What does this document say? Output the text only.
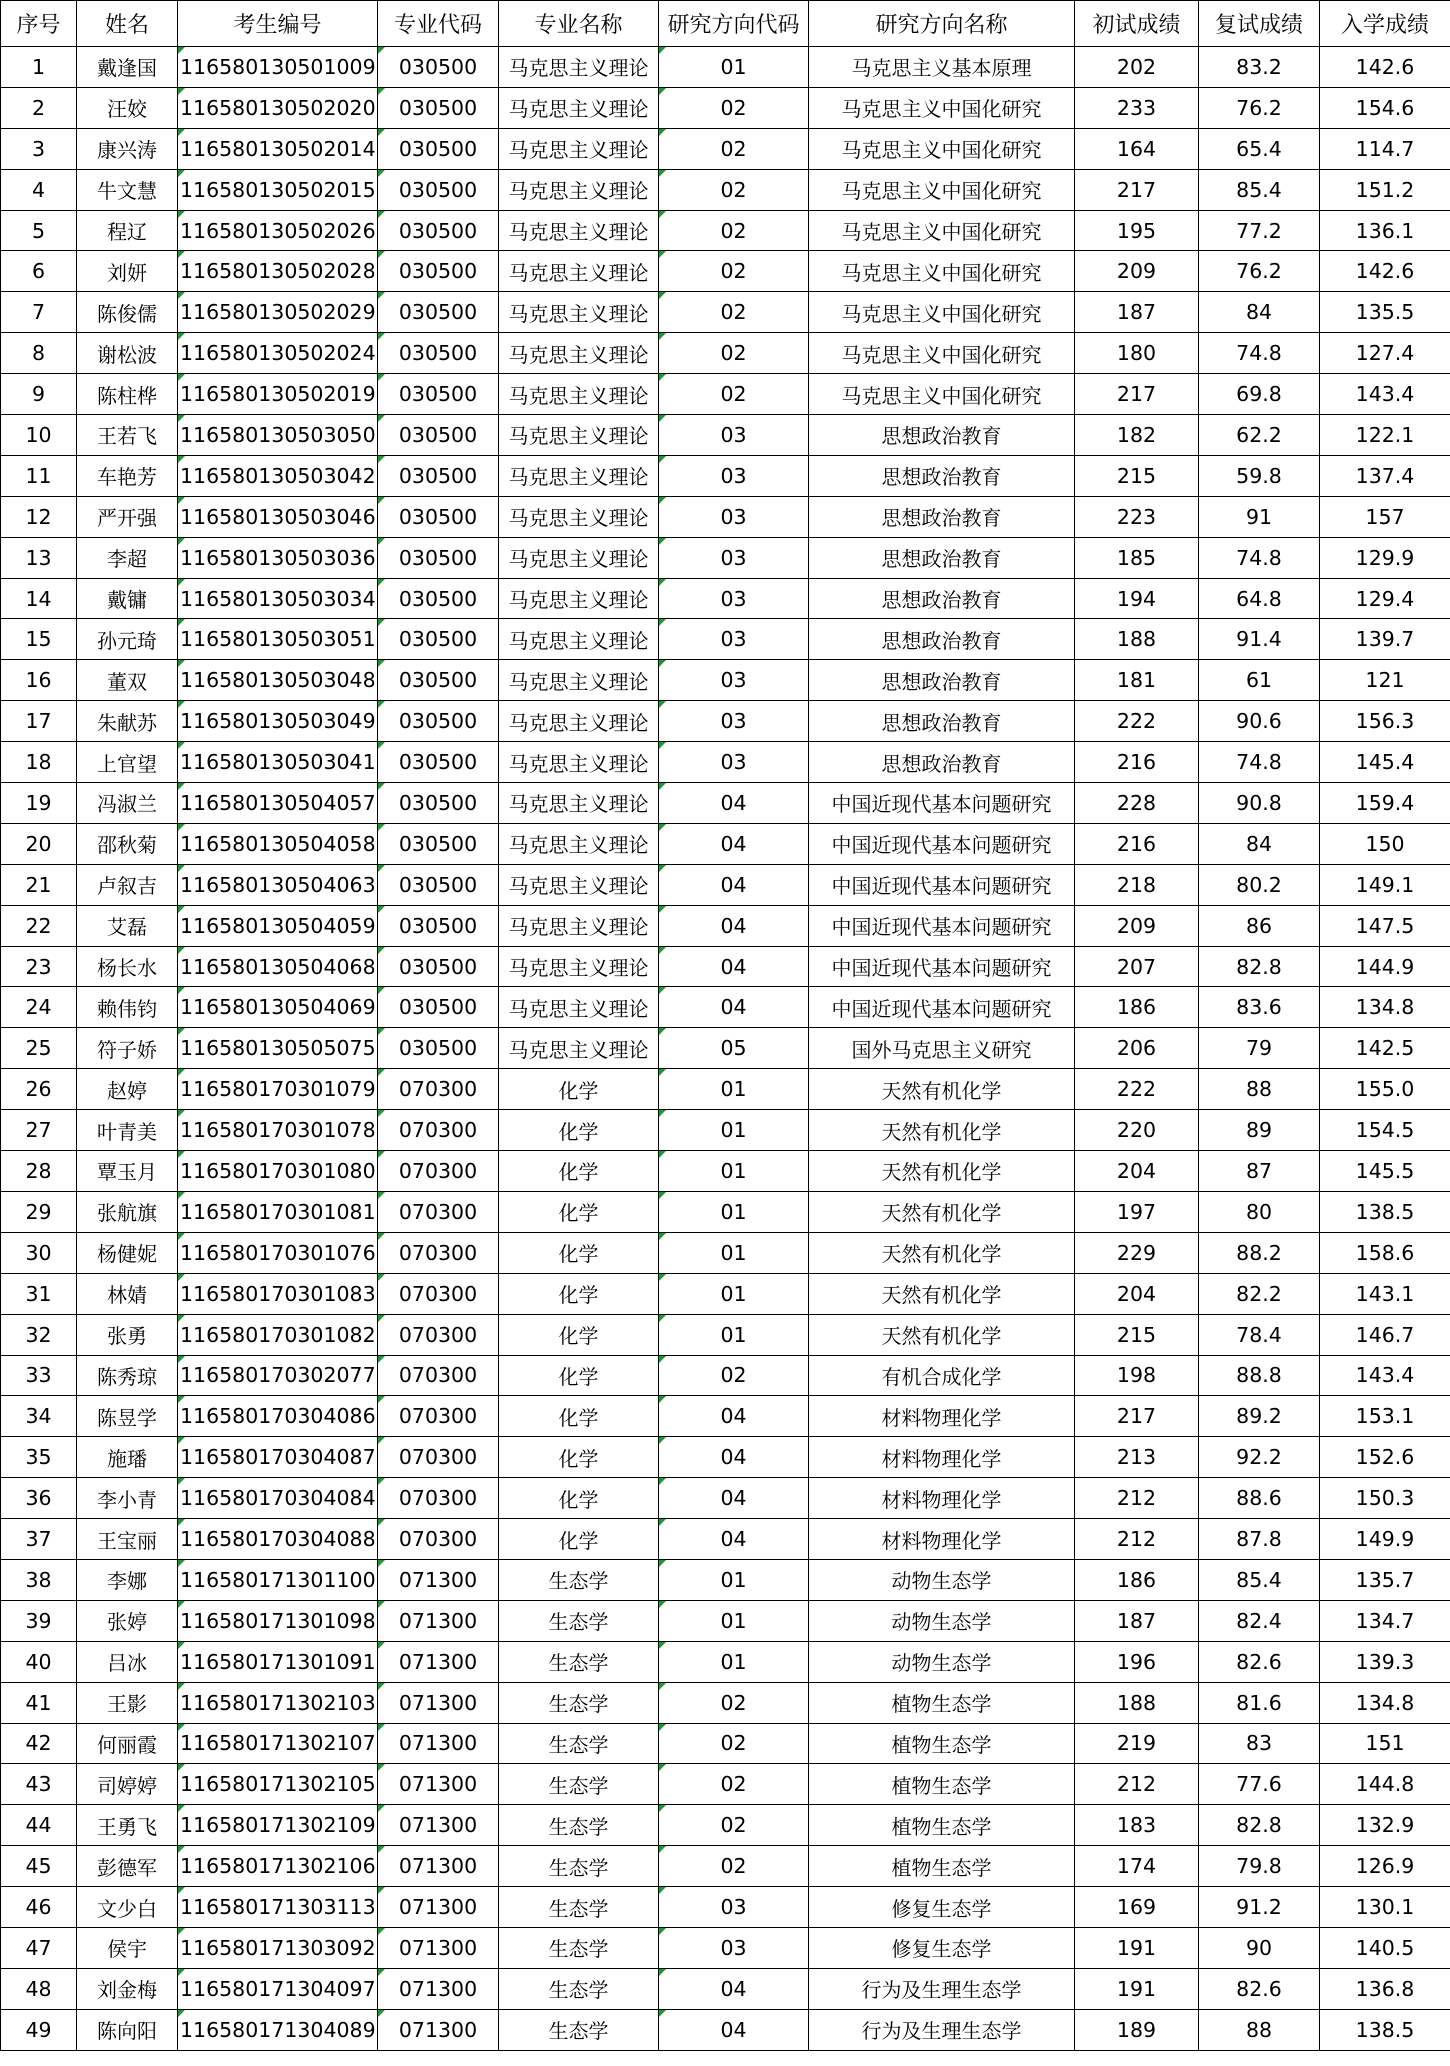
序号	姓名	考生编号	专业代码	专业名称	研究方向代码	研究方向名称	初试成绩	复试成绩	入学成绩
1	戴逢国	116580130501009	030500	马克思主义理论	01	马克思主义基本原理	202	83.2	142.6
2	汪姣	116580130502020	030500	马克思主义理论	02	马克思主义中国化研究	233	76.2	154.6
3	康兴涛	116580130502014	030500	马克思主义理论	02	马克思主义中国化研究	164	65.4	114.7
4	牛文慧	116580130502015	030500	马克思主义理论	02	马克思主义中国化研究	217	85.4	151.2
5	程辽	116580130502026	030500	马克思主义理论	02	马克思主义中国化研究	195	77.2	136.1
6	刘妍	116580130502028	030500	马克思主义理论	02	马克思主义中国化研究	209	76.2	142.6
7	陈俊儒	116580130502029	030500	马克思主义理论	02	马克思主义中国化研究	187	84	135.5
8	谢松波	116580130502024	030500	马克思主义理论	02	马克思主义中国化研究	180	74.8	127.4
9	陈柱桦	116580130502019	030500	马克思主义理论	02	马克思主义中国化研究	217	69.8	143.4
10	王若飞	116580130503050	030500	马克思主义理论	03	思想政治教育	182	62.2	122.1
11	车艳芳	116580130503042	030500	马克思主义理论	03	思想政治教育	215	59.8	137.4
12	严开强	116580130503046	030500	马克思主义理论	03	思想政治教育	223	91	157
13	李超	116580130503036	030500	马克思主义理论	03	思想政治教育	185	74.8	129.9
14	戴镛	116580130503034	030500	马克思主义理论	03	思想政治教育	194	64.8	129.4
15	孙元琦	116580130503051	030500	马克思主义理论	03	思想政治教育	188	91.4	139.7
16	董双	116580130503048	030500	马克思主义理论	03	思想政治教育	181	61	121
17	朱献苏	116580130503049	030500	马克思主义理论	03	思想政治教育	222	90.6	156.3
18	上官望	116580130503041	030500	马克思主义理论	03	思想政治教育	216	74.8	145.4
19	冯淑兰	116580130504057	030500	马克思主义理论	04	中国近现代基本问题研究	228	90.8	159.4
20	邵秋菊	116580130504058	030500	马克思主义理论	04	中国近现代基本问题研究	216	84	150
21	卢叙吉	116580130504063	030500	马克思主义理论	04	中国近现代基本问题研究	218	80.2	149.1
22	艾磊	116580130504059	030500	马克思主义理论	04	中国近现代基本问题研究	209	86	147.5
23	杨长水	116580130504068	030500	马克思主义理论	04	中国近现代基本问题研究	207	82.8	144.9
24	赖伟钧	116580130504069	030500	马克思主义理论	04	中国近现代基本问题研究	186	83.6	134.8
25	符子娇	116580130505075	030500	马克思主义理论	05	国外马克思主义研究	206	79	142.5
26	赵婷	116580170301079	070300	化学	01	天然有机化学	222	88	155.0
27	叶青美	116580170301078	070300	化学	01	天然有机化学	220	89	154.5
28	覃玉月	116580170301080	070300	化学	01	天然有机化学	204	87	145.5
29	张航旗	116580170301081	070300	化学	01	天然有机化学	197	80	138.5
30	杨健妮	116580170301076	070300	化学	01	天然有机化学	229	88.2	158.6
31	林婧	116580170301083	070300	化学	01	天然有机化学	204	82.2	143.1
32	张勇	116580170301082	070300	化学	01	天然有机化学	215	78.4	146.7
33	陈秀琼	116580170302077	070300	化学	02	有机合成化学	198	88.8	143.4
34	陈昱学	116580170304086	070300	化学	04	材料物理化学	217	89.2	153.1
35	施璠	116580170304087	070300	化学	04	材料物理化学	213	92.2	152.6
36	李小青	116580170304084	070300	化学	04	材料物理化学	212	88.6	150.3
37	王宝丽	116580170304088	070300	化学	04	材料物理化学	212	87.8	149.9
38	李娜	116580171301100	071300	生态学	01	动物生态学	186	85.4	135.7
39	张婷	116580171301098	071300	生态学	01	动物生态学	187	82.4	134.7
40	吕冰	116580171301091	071300	生态学	01	动物生态学	196	82.6	139.3
41	王影	116580171302103	071300	生态学	02	植物生态学	188	81.6	134.8
42	何丽霞	116580171302107	071300	生态学	02	植物生态学	219	83	151
43	司婷婷	116580171302105	071300	生态学	02	植物生态学	212	77.6	144.8
44	王勇飞	116580171302109	071300	生态学	02	植物生态学	183	82.8	132.9
45	彭德军	116580171302106	071300	生态学	02	植物生态学	174	79.8	126.9
46	文少白	116580171303113	071300	生态学	03	修复生态学	169	91.2	130.1
47	侯宇	116580171303092	071300	生态学	03	修复生态学	191	90	140.5
48	刘金梅	116580171304097	071300	生态学	04	行为及生理生态学	191	82.6	136.8
49	陈向阳	116580171304089	071300	生态学	04	行为及生理生态学	189	88	138.5
